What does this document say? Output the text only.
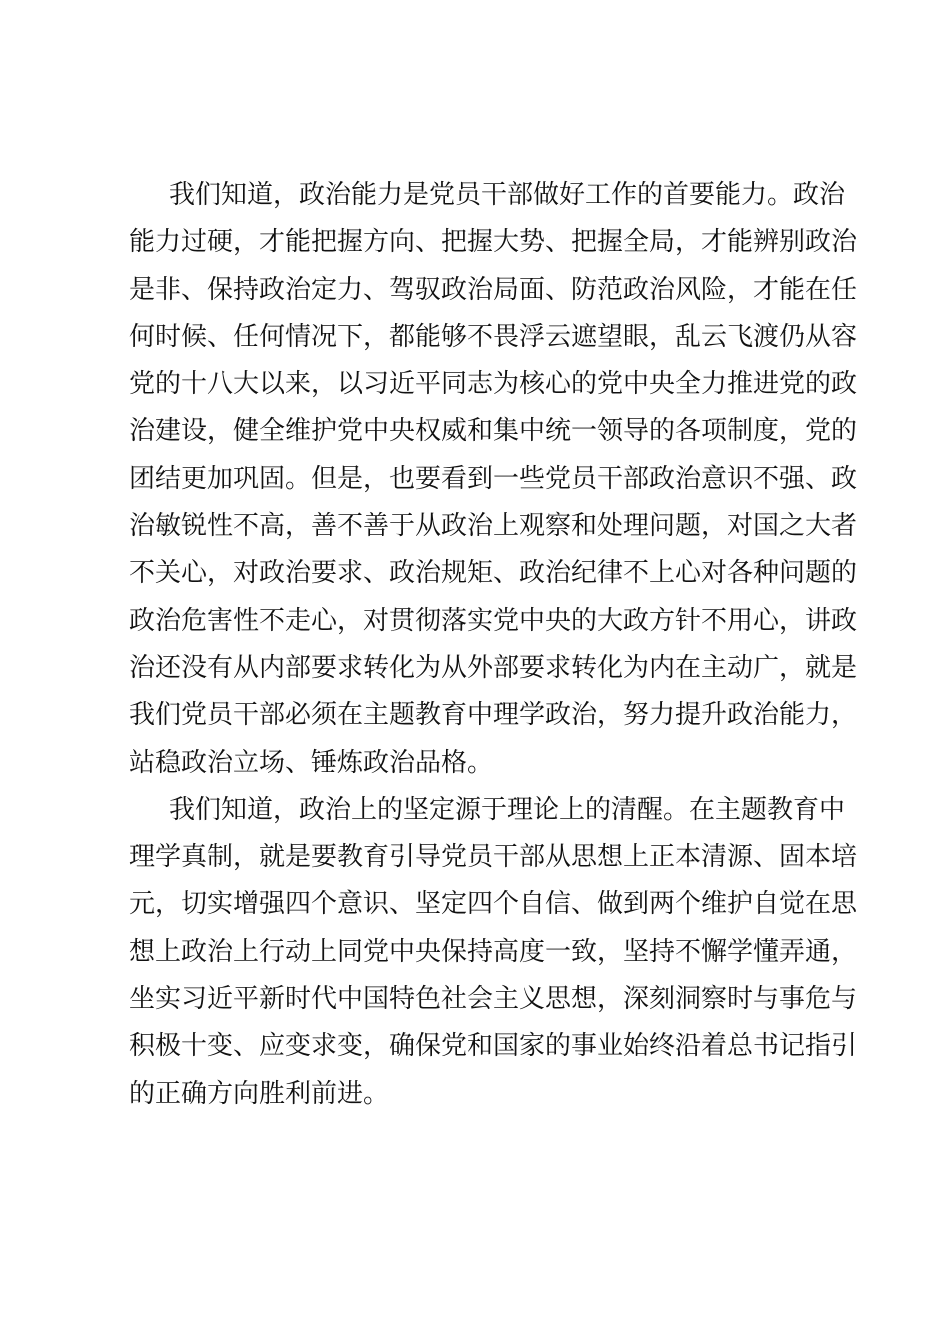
我们知道，政治能力是党员干部做好工作的首要能力。政治
能力过硬，才能把握方向、把握大势、把握全局，才能辨别政治
是非、保持政治定力、驾驭政治局面、防范政治风险，才能在任
何时候、任何情况下，都能够不畏浮云遮望眼，乱云飞渡仍从容
党的十八大以来，以习近平同志为核心的党中央全力推进党的政
治建设，健全维护党中央权威和集中统一领导的各项制度，党的
团结更加巩固。但是，也要看到一些党员干部政治意识不强、政
治敏锐性不高，善不善于从政治上观察和处理问题，对国之大者
不关心，对政治要求、政治规矩、政治纪律不上心对各种问题的
政治危害性不走心，对贯彻落实党中央的大政方针不用心，讲政
治还没有从内部要求转化为从外部要求转化为内在主动广，就是
我们党员干部必须在主题教育中理学政治，努力提升政治能力，
站稳政治立场、锤炼政治品格。
我们知道，政治上的坚定源于理论上的清醒。在主题教育中
理学真制，就是要教育引导党员干部从思想上正本清源、固本培
元，切实增强四个意识、坚定四个自信、做到两个维护自觉在思
想上政治上行动上同党中央保持高度一致，坚持不懈学懂弄通，
坐实习近平新时代中国特色社会主义思想，深刻洞察时与事危与
积极十变、应变求变，确保党和国家的事业始终沿着总书记指引
的正确方向胜利前进。
